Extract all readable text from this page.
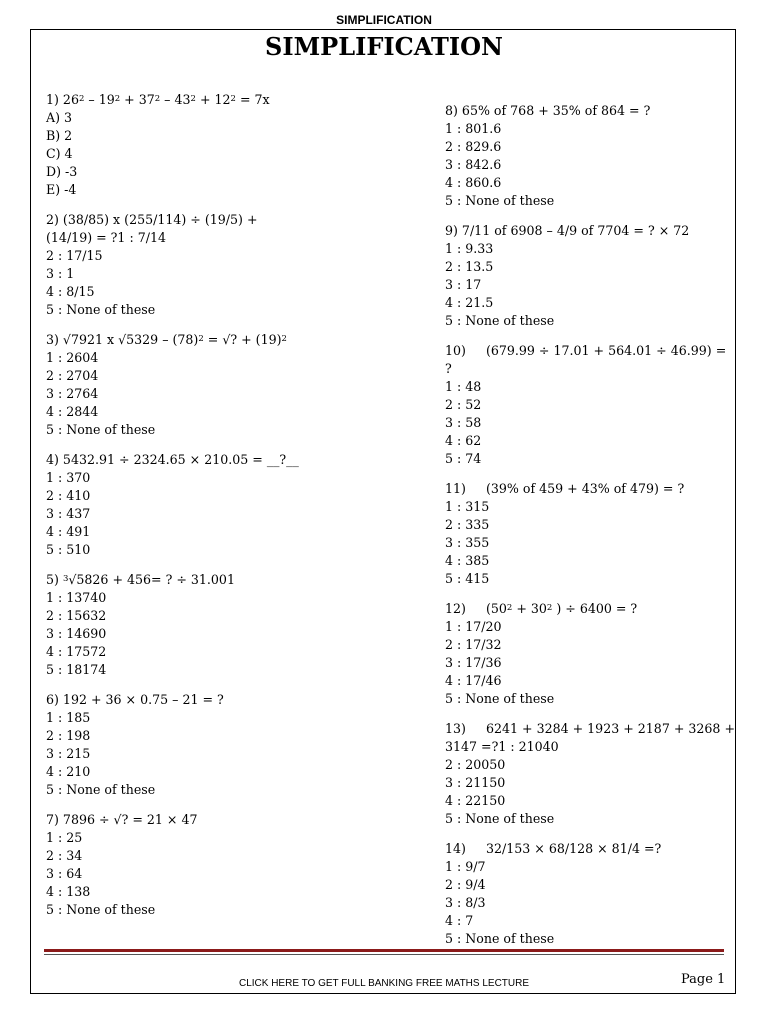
SIMPLIFICATION
SIMPLIFICATION
1) $26^2 - 19^2 + 37^2 - 43^2 + 12^2 = 7x$
A) 3
B) 2
C) 4
D) -3
E) -4
2) (38/85) x (255/114) ÷ (19/5) +
(14/19) = ?1 : 7/14
2 : 17/15
3 : 1
4 : 8/15
5 : None of these
3) √7921 x $√5329 - (78)^2$ = √? + $(19)^2$
1 : 2604
2 : 2704
3 : 2764
4 : 2844
5 : None of these
4) 5432.91 ÷ 2324.65 × 210.05 = __?__
1 : 370
2 : 410
3 : 437
4 : 491
5 : 510
5) $^3$√5826 + 456= ? ÷ 31.001
1 : 13740
2 : 15632
3 : 14690
4 : 17572
5 : 18174
6) 192 + 36 × 0.75 – 21 = ?
1 : 185
2 : 198
3 : 215
4 : 210
5 : None of these
7) 7896 ÷ √? = 21 × 47
1 : 25
2 : 34
3 : 64
4 : 138
5 : None of these
8) 65% of 768 + 35% of 864 = ?
1 : 801.6
2 : 829.6
3 : 842.6
4 : 860.6
5 : None of these
9) 7/11 of 6908 – 4/9 of 7704 = ? × 72
1 : 9.33
2 : 13.5
3 : 17
4 : 21.5
5 : None of these
10)     (679.99 ÷ 17.01 + 564.01 ÷ 46.99) = ?
1 : 48
2 : 52
3 : 58
4 : 62
5 : 74
11)     (39% of 459 + 43% of 479) = ?
1 : 315
2 : 335
3 : 355
4 : 385
5 : 415
12)     ($50^2 + 30^2$ ) ÷ 6400 = ?
1 : 17/20
2 : 17/32
3 : 17/36
4 : 17/46
5 : None of these
13)     6241 + 3284 + 1923 + 2187 + 3268 +
3147 =?1 : 21040
2 : 20050
3 : 21150
4 : 22150
5 : None of these
14)     32/153 × 68/128 × 81/4 =?
1 : 9/7
2 : 9/4
3 : 8/3
4 : 7
5 : None of these
CLICK HERE TO GET FULL BANKING FREE MATHS LECTURE	Page 1
